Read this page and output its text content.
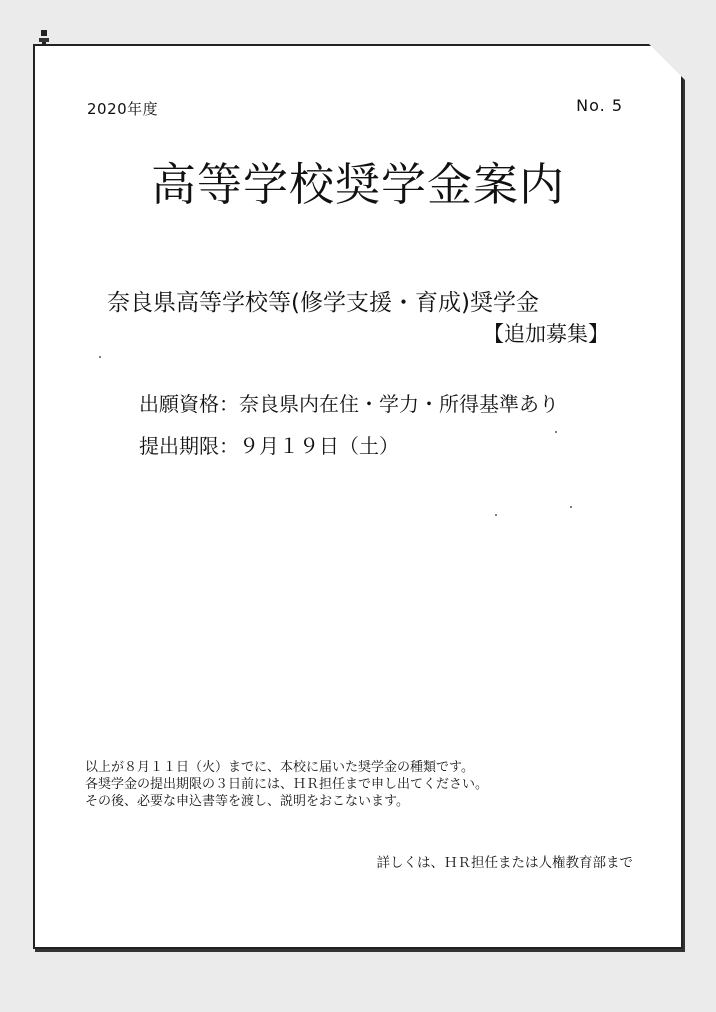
2020年度	No. 5
高等学校奨学金案内
奈良県高等学校等(修学支援・育成)奨学金
【追加募集】
出願資格：奈良県内在住・学力・所得基準あり
提出期限：９月１９日（土）
以上が８月１１日（火）までに、本校に届いた奨学金の種類です。
各奨学金の提出期限の３日前には、ＨＲ担任まで申し出てください。
その後、必要な申込書等を渡し、説明をおこないます。
詳しくは、ＨＲ担任または人権教育部まで
